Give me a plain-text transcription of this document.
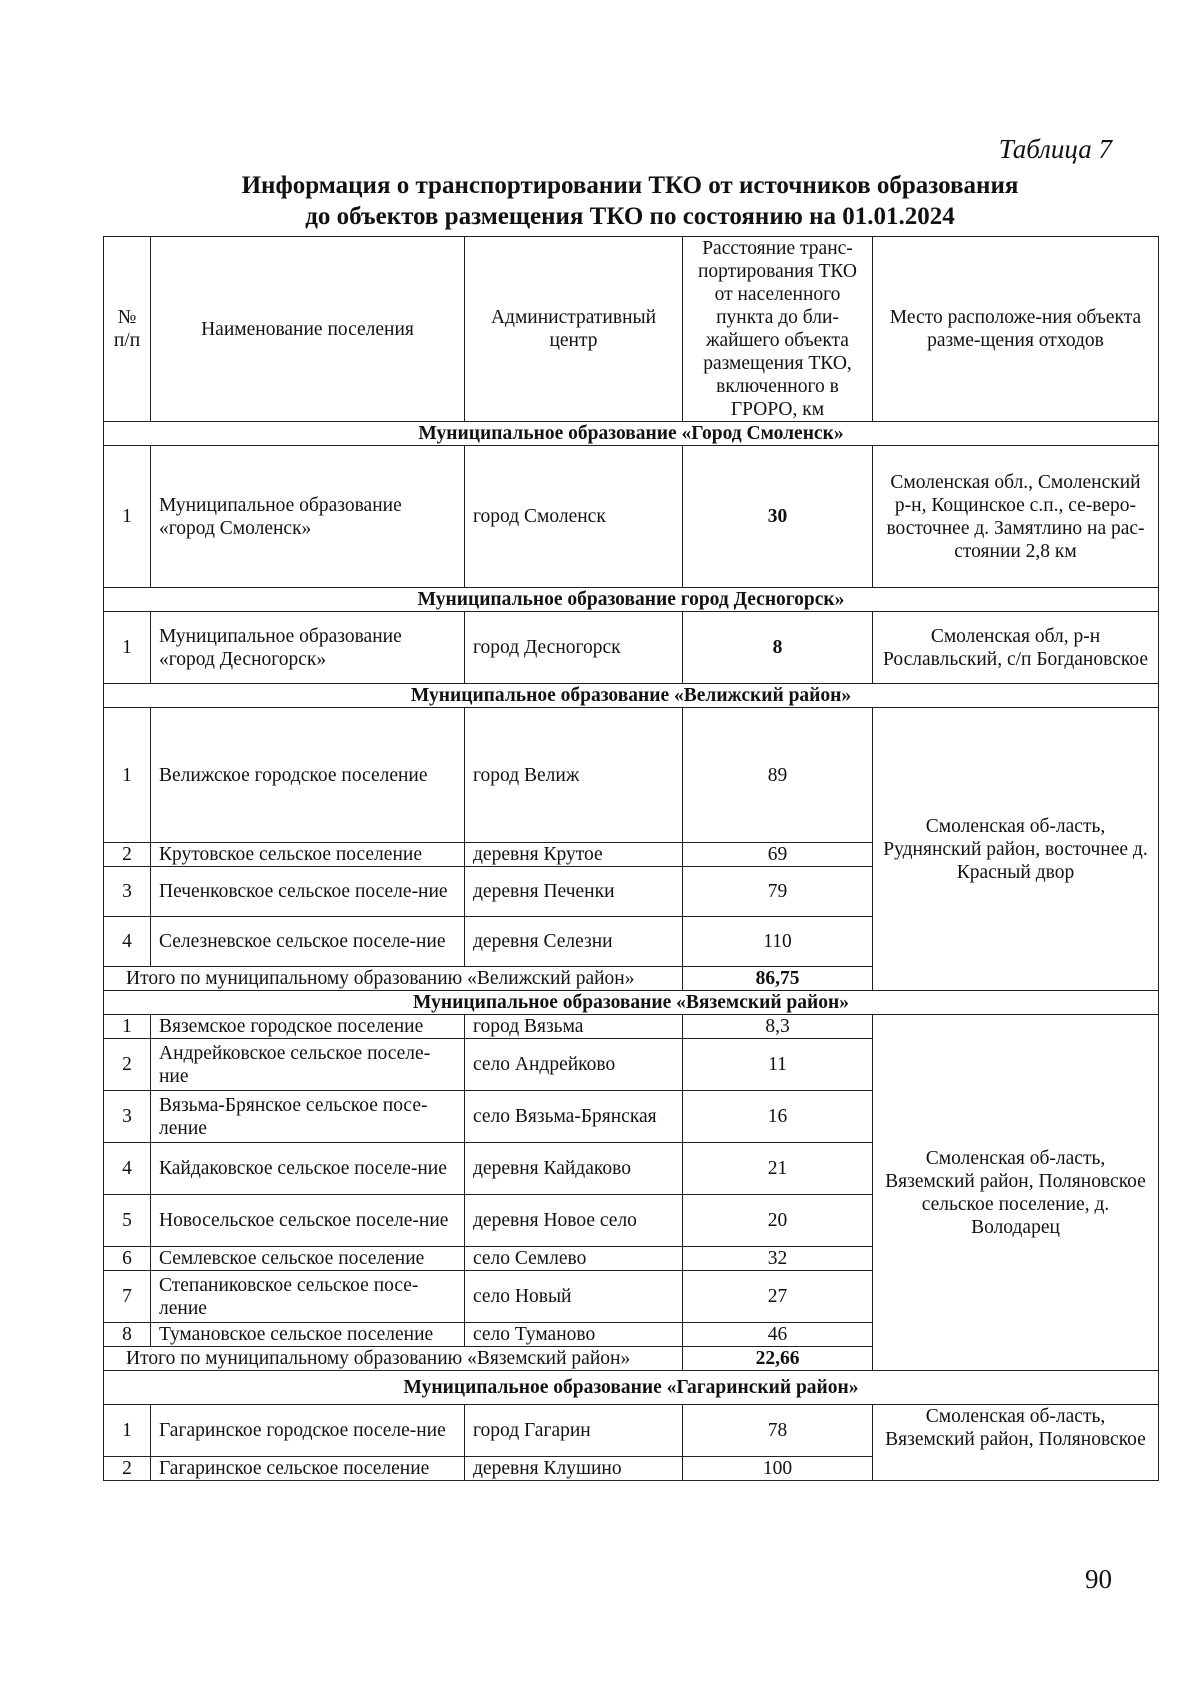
Таблица 7
Информация о транспортировании ТКО от источников образования
до объектов размещения ТКО по состоянию на 01.01.2024
№ п/п	Наименование поселения	Административный центр	Расстояние транс-портирования ТКО от населенного пункта до бли-жайшего объекта размещения ТКО, включенного в ГРОРО, км	Место расположе-ния объекта разме-щения отходов
Муниципальное образование «Город Смоленск»				
1	Муниципальное образование «город Смоленск»	город Смоленск	30	Смоленская обл., Смоленский р-н, Кощинское с.п., се-веро-восточнее д. Замятлино на рас-стоянии 2,8 км
Муниципальное образование город Десногорск»				
1	Муниципальное образование «город Десногорск»	город Десногорск	8	Смоленская обл, р-н Рославльский, с/п Богдановское
Муниципальное образование «Велижский район»				
1	Велижское городское поселение	город Велиж	89	Смоленская об-ласть, Руднянский район, восточнее д. Красный двор
2	Крутовское сельское поселение	деревня Крутое	69	
3	Печенковское сельское поселе-ние	деревня Печенки	79	
4	Селезневское сельское поселе-ние	деревня Селезни	110	
Итого по муниципальному образованию «Велижский район»			86,75	
Муниципальное образование «Вяземский район»				
1	Вяземское городское поселение	город Вязьма	8,3	Смоленская об-ласть, Вяземский район, Поляновское сельское поселение, д. Володарец
2	Андрейковское сельское поселе-ние	село Андрейково	11	
3	Вязьма-Брянское сельское посе-ление	село Вязьма-Брянская	16	
4	Кайдаковское сельское поселе-ние	деревня Кайдаково	21	
5	Новосельское сельское поселе-ние	деревня Новое село	20	
6	Семлевское сельское поселение	село Семлево	32	
7	Степаниковское сельское посе-ление	село Новый	27	
8	Тумановское сельское поселение	село Туманово	46	
Итого по муниципальному образованию «Вяземский район»			22,66	
Муниципальное образование «Гагаринский район»				
1	Гагаринское городское поселе-ние	город Гагарин	78	Смоленская об-ласть, Вяземский район, Поляновское
2	Гагаринское сельское поселение	деревня Клушино	100	
90
